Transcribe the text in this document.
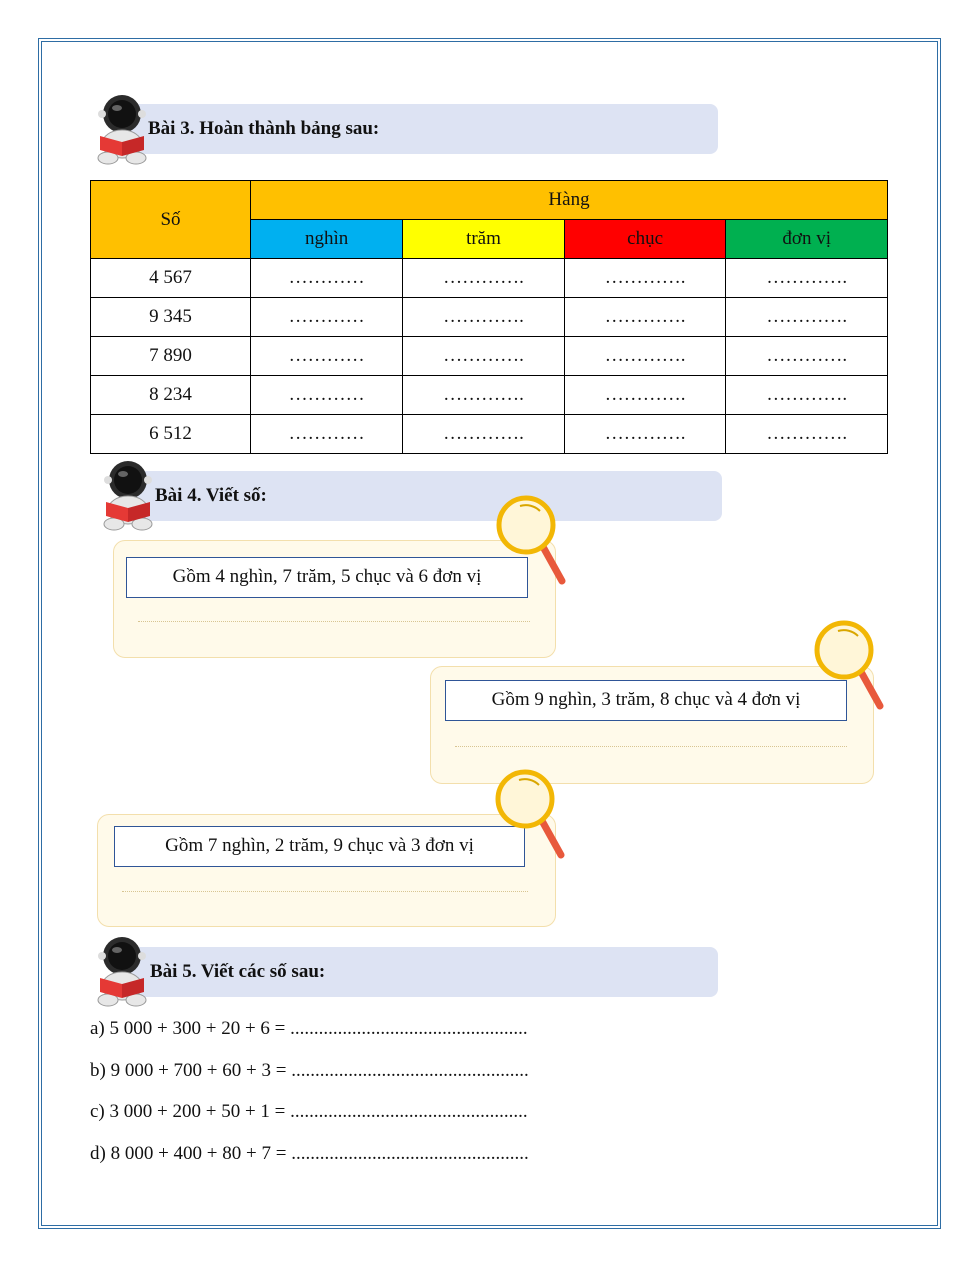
Bài 3. Hoàn thành bảng sau:
Số	Hàng			
	nghìn	trăm	chục	đơn vị
4 567	…………	………….	………….	………….
9 345	…………	………….	………….	………….
7 890	…………	………….	………….	………….
8 234	…………	………….	………….	………….
6 512	…………	………….	………….	………….
Bài 4. Viết số:
Gồm 4 nghìn, 7 trăm, 5 chục và 6 đơn vị
Gồm 9 nghìn, 3 trăm, 8 chục và 4 đơn vị
Gồm 7 nghìn, 2 trăm, 9 chục và 3 đơn vị
Bài 5. Viết các số sau:
a) 5 000 + 300 + 20 + 6 = ..................................................
b) 9 000 + 700 + 60 + 3 = ..................................................
c) 3 000 + 200 + 50 + 1 = ..................................................
d) 8 000 + 400 + 80 + 7 = ..................................................
